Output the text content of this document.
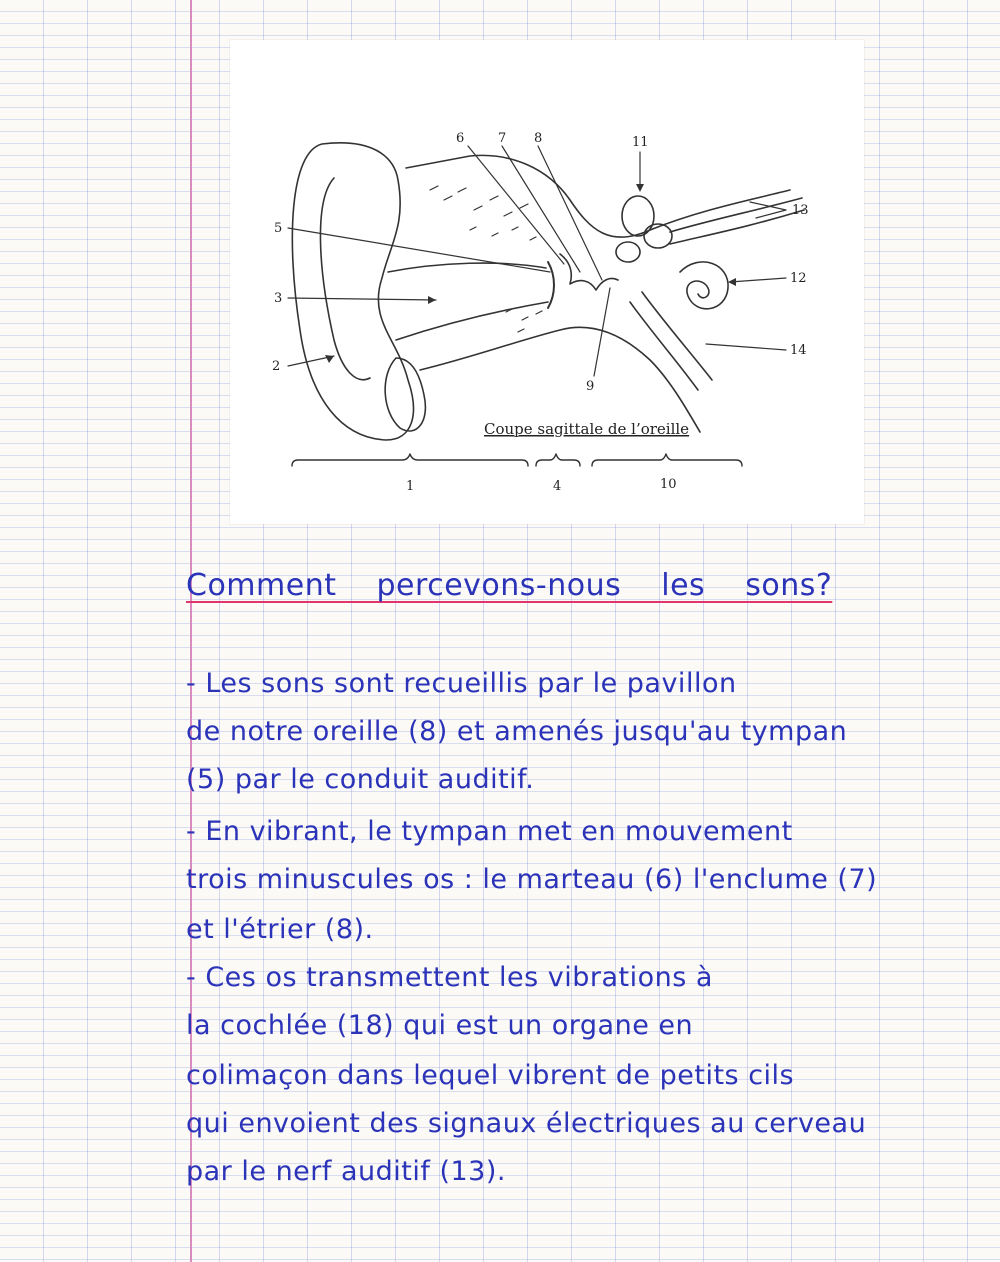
6	7 8	11
13
5
12
3
14
2
9
Coupe sagittale de l’oreille
1	4	10

Comment percevons-nous les sons?

- Les sons sont recueillis par le pavillon

de notre oreille (8) et amenés jusqu'au tympan

(5) par le conduit auditif.

- En vibrant, le tympan met en mouvement

trois minuscules os : le marteau (6) l'enclume (7)

et l'étrier (8).

- Ces os transmettent les vibrations à

la cochlée (18) qui est un organe en

colimaçon dans lequel vibrent de petits cils

qui envoient des signaux électriques au cerveau

par le nerf auditif (13).
